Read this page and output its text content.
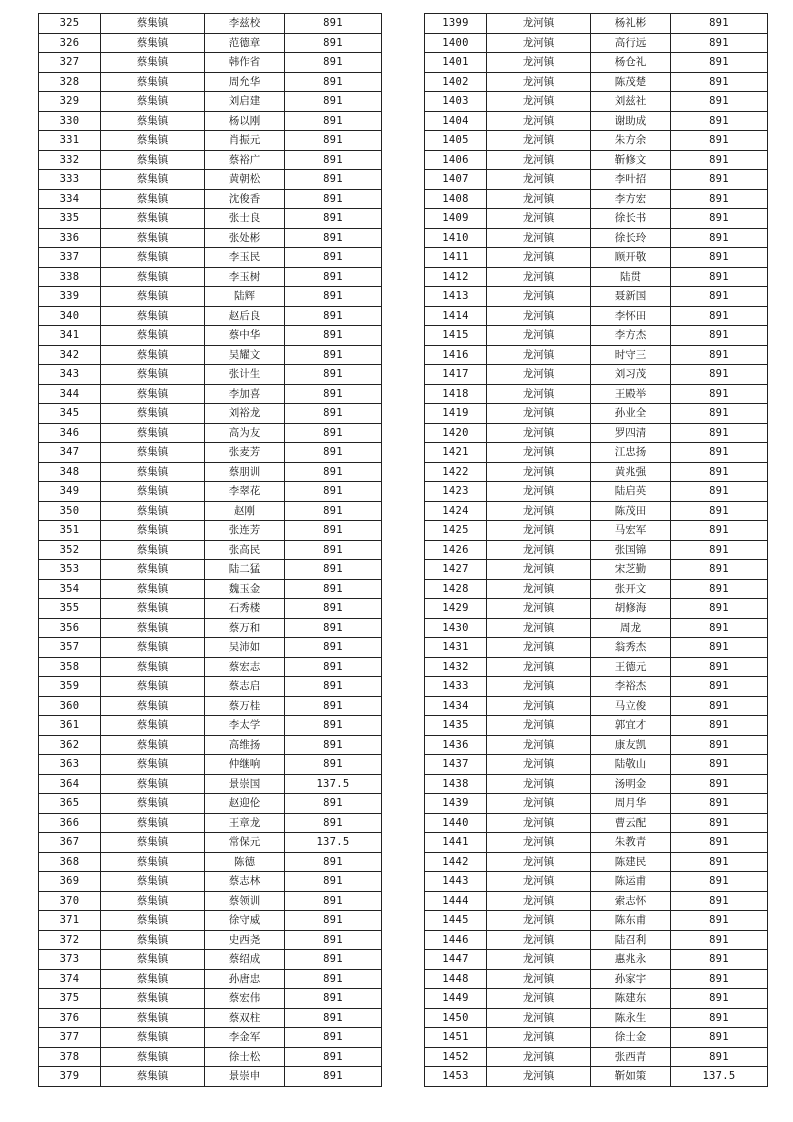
325	蔡集镇	李兹校	891
326	蔡集镇	范德章	891
327	蔡集镇	韩作省	891
328	蔡集镇	周允华	891
329	蔡集镇	刘启建	891
330	蔡集镇	杨以刚	891
331	蔡集镇	肖振元	891
332	蔡集镇	蔡裕广	891
333	蔡集镇	黄朝松	891
334	蔡集镇	沈俊香	891
335	蔡集镇	张士良	891
336	蔡集镇	张处彬	891
337	蔡集镇	李玉民	891
338	蔡集镇	李玉树	891
339	蔡集镇	陆辉	891
340	蔡集镇	赵后良	891
341	蔡集镇	蔡中华	891
342	蔡集镇	吴耀文	891
343	蔡集镇	张计生	891
344	蔡集镇	李加喜	891
345	蔡集镇	刘裕龙	891
346	蔡集镇	高为友	891
347	蔡集镇	张麦芳	891
348	蔡集镇	蔡朋训	891
349	蔡集镇	李翠花	891
350	蔡集镇	赵刚	891
351	蔡集镇	张连芳	891
352	蔡集镇	张高民	891
353	蔡集镇	陆二猛	891
354	蔡集镇	魏玉金	891
355	蔡集镇	石秀楼	891
356	蔡集镇	蔡万和	891
357	蔡集镇	吴沛如	891
358	蔡集镇	蔡宏志	891
359	蔡集镇	蔡志启	891
360	蔡集镇	蔡万桂	891
361	蔡集镇	李太学	891
362	蔡集镇	高维扬	891
363	蔡集镇	仲继响	891
364	蔡集镇	景崇国	137.5
365	蔡集镇	赵迎伦	891
366	蔡集镇	王章龙	891
367	蔡集镇	常保元	137.5
368	蔡集镇	陈德	891
369	蔡集镇	蔡志林	891
370	蔡集镇	蔡领训	891
371	蔡集镇	徐守威	891
372	蔡集镇	史西尧	891
373	蔡集镇	蔡绍成	891
374	蔡集镇	孙唐忠	891
375	蔡集镇	蔡宏伟	891
376	蔡集镇	蔡双柱	891
377	蔡集镇	李金军	891
378	蔡集镇	徐士松	891
379	蔡集镇	景崇申	891
1399	龙河镇	杨礼彬	891
1400	龙河镇	高行远	891
1401	龙河镇	杨仓礼	891
1402	龙河镇	陈茂楚	891
1403	龙河镇	刘兹社	891
1404	龙河镇	谢助成	891
1405	龙河镇	朱方余	891
1406	龙河镇	靳修文	891
1407	龙河镇	李叶招	891
1408	龙河镇	李方宏	891
1409	龙河镇	徐长书	891
1410	龙河镇	徐长玲	891
1411	龙河镇	顾开敬	891
1412	龙河镇	陆贯	891
1413	龙河镇	聂新国	891
1414	龙河镇	李怀田	891
1415	龙河镇	李方杰	891
1416	龙河镇	时守三	891
1417	龙河镇	刘习茂	891
1418	龙河镇	王殿举	891
1419	龙河镇	孙业全	891
1420	龙河镇	罗四清	891
1421	龙河镇	江忠扬	891
1422	龙河镇	黄兆强	891
1423	龙河镇	陆启英	891
1424	龙河镇	陈茂田	891
1425	龙河镇	马宏军	891
1426	龙河镇	张国锦	891
1427	龙河镇	宋芝勤	891
1428	龙河镇	张开文	891
1429	龙河镇	胡修海	891
1430	龙河镇	周龙	891
1431	龙河镇	翁秀杰	891
1432	龙河镇	王德元	891
1433	龙河镇	李裕杰	891
1434	龙河镇	马立俊	891
1435	龙河镇	郭宜才	891
1436	龙河镇	康友凯	891
1437	龙河镇	陆敬山	891
1438	龙河镇	汤明金	891
1439	龙河镇	周月华	891
1440	龙河镇	曹云配	891
1441	龙河镇	朱教青	891
1442	龙河镇	陈建民	891
1443	龙河镇	陈运甫	891
1444	龙河镇	索志怀	891
1445	龙河镇	陈东甫	891
1446	龙河镇	陆召利	891
1447	龙河镇	惠兆永	891
1448	龙河镇	孙家宇	891
1449	龙河镇	陈建东	891
1450	龙河镇	陈永生	891
1451	龙河镇	徐士金	891
1452	龙河镇	张西青	891
1453	龙河镇	靳如策	137.5
